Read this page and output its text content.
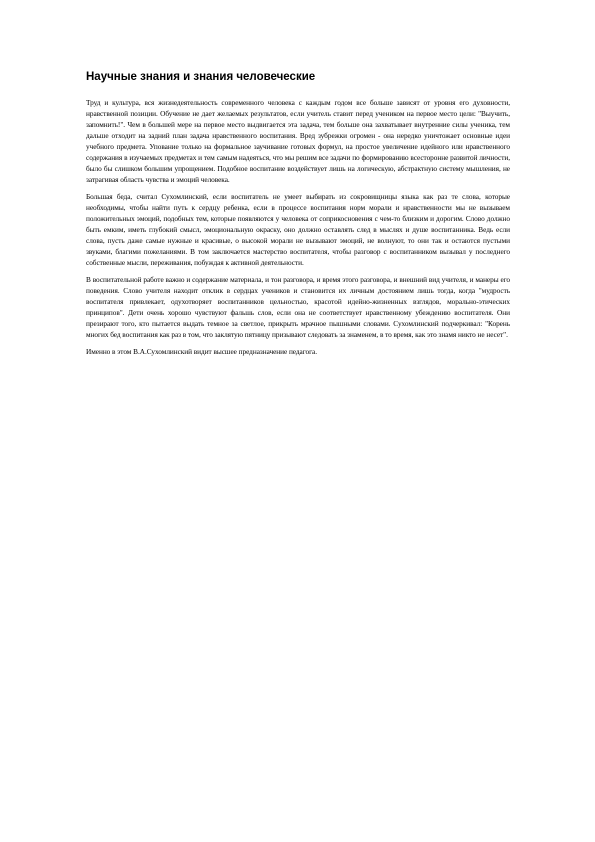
Научные знания и знания человеческие

Труд и культура, вся жизнедеятельность современного человека с каждым годом все больше зависят от уровня его духовности, нравственной позиции. Обучение не дает желаемых результатов, если учитель ставит перед учеником на первое место цели: "Выучить, запомнить!". Чем в большей мере на первое место выдвигается эта задача, тем больше она захватывает внутренние силы ученика, тем дальше отходит на задний план задача нравственного воспитания. Вред зубрежки огромен - она нередко уничтожает основные идеи учебного предмета. Упование только на формальное заучивание готовых формул, на простое увеличение идейного или нравственного содержания в изучаемых предметах и тем самым надеяться, что мы решим все задачи по формированию всесторонне развитой личности, было бы слишком большим упрощением. Подобное воспитание воздействует лишь на логическую, абстрактную систему мышления, не затрагивая область чувства и эмоций человека.

Большая беда, считал Сухомлинский, если воспитатель не умеет выбирать из сокровищницы языка как раз те слова, которые необходимы, чтобы найти путь к сердцу ребенка, если в процессе воспитания норм морали и нравственности мы не вызываем положительных эмоций, подобных тем, которые появляются у человека от соприкосновения с чем-то близким и дорогим. Слово должно быть емким, иметь глубокий смысл, эмоциональную окраску, оно должно оставлять след в мыслях и душе воспитанника. Ведь если слова, пусть даже самые нужные и красивые, о высокой морали не вызывают эмоций, не волнуют, то они так и остаются пустыми звуками, благими пожеланиями. В том заключается мастерство воспитателя, чтобы разговор с воспитанником вызывал у последнего собственные мысли, переживания, побуждая к активной деятельности.

В воспитательной работе важно и содержание материала, и тон разговора, и время этого разговора, и внешний вид учителя, и манеры его поведения. Слово учителя находит отклик в сердцах учеников и становится их личным достоянием лишь тогда, когда "мудрость воспитателя привлекает, одухотворяет воспитанников цельностью, красотой идейно-жизненных взглядов, морально-этических принципов". Дети очень хорошо чувствуют фальшь слов, если она не соответствует нравственному убеждению воспитателя. Они презирают того, кто пытается выдать темное за светлое, прикрыть мрачное пышными словами. Сухомлинский подчеркивал: "Корень многих бед воспитания как раз в том, что заклятую пятницу призывают следовать за знаменем, в то время, как это знамя никто не несет".

Именно в этом В.А.Сухомлинский видит высшее предназначение педагога.
